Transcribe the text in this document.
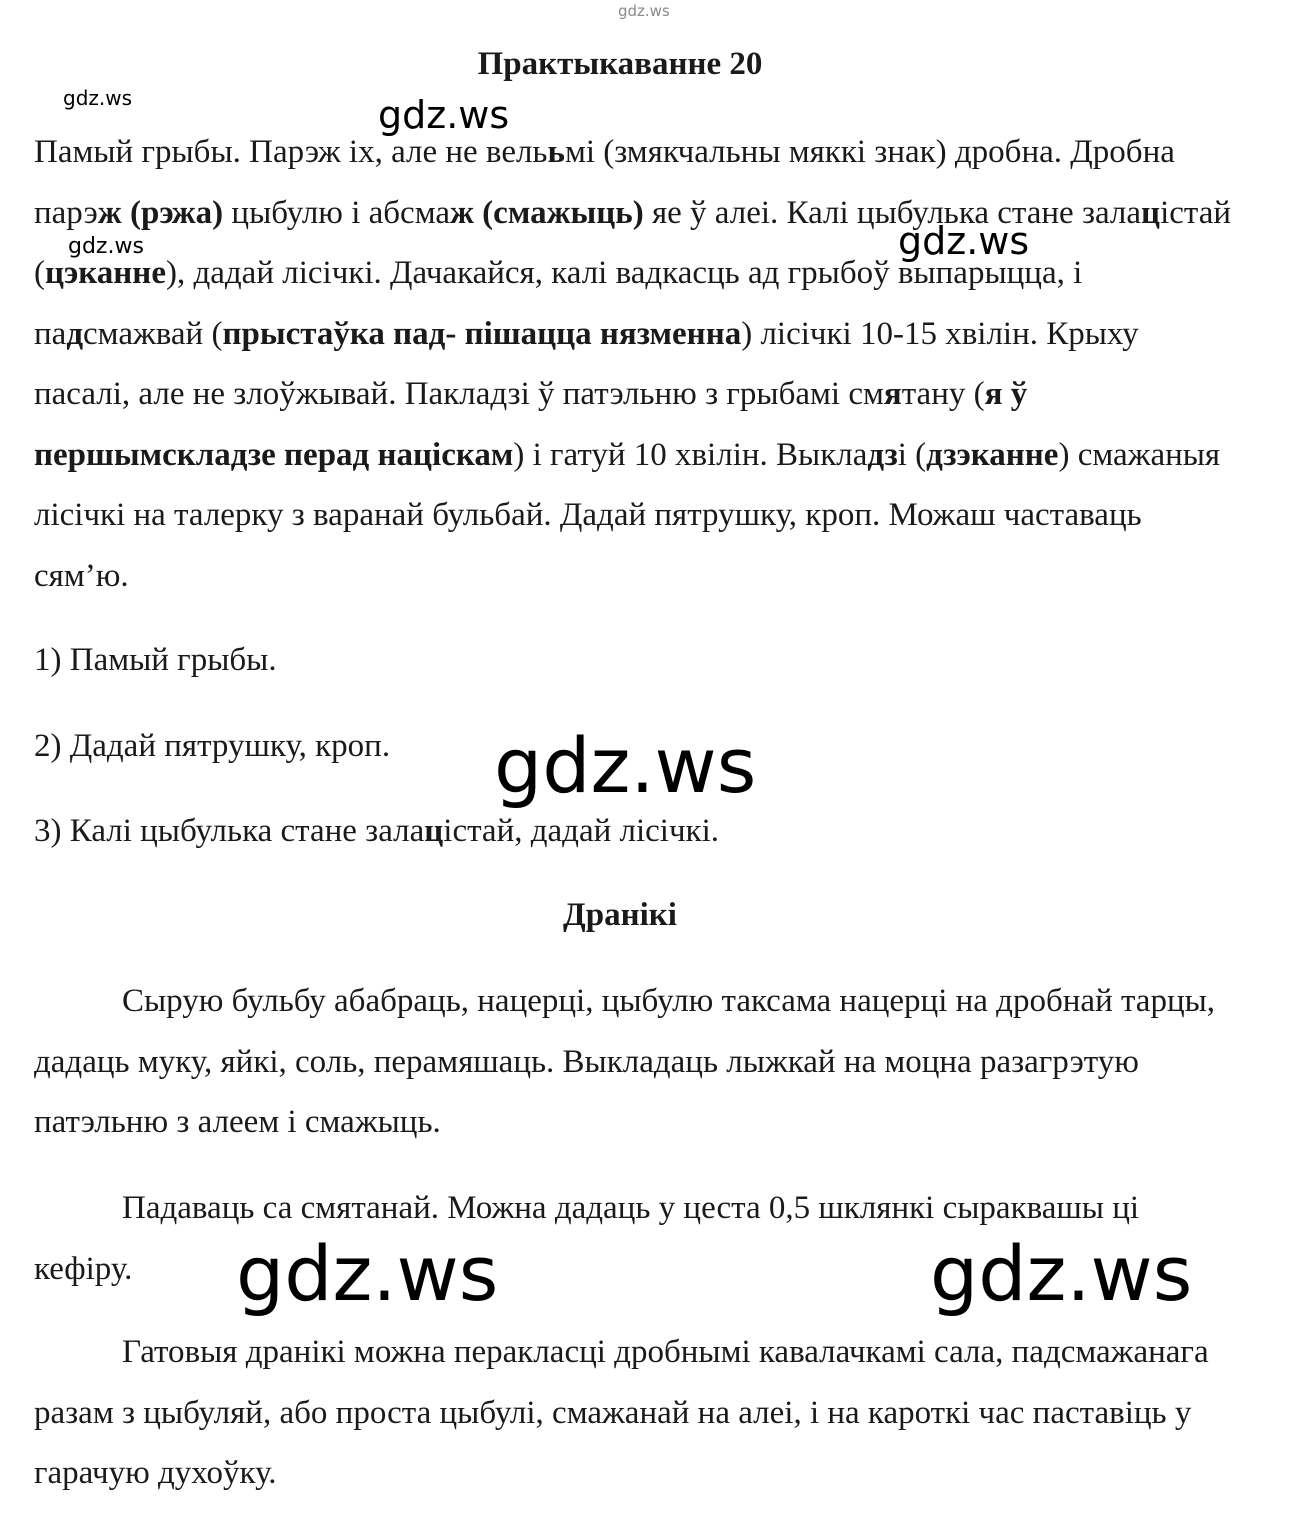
gdz.ws
gdz.ws	gdz.ws
gdz.ws	gdz.ws
Практыкаванне 20

Памый грыбы. Парэж іх, але не велььмі (змякчальны мяккі знак) дробна. Дробна парэж (рэжа) цыбулю і абсмаж (смажыць) яе ў алеі. Калі цыбулька стане залацістай (цэканне), дадай лісічкі. Дачакайся, калі вадкасць ад грыбоў выпарыцца, і падсмажвай (прыстаўка пад- пішацца нязменна) лісічкі 10-15 хвілін. Крыху пасалі, але не злоўжывай. Пакладзі ў патэльню з грыбамі смятану (я ў першымскладзе перад націскам) і гатуй 10 хвілін. Выкладзі (дзэканне) смажаныя лісічкі на талерку з варанай бульбай. Дадай пятрушку, кроп. Можаш частаваць сям’ю.

1) Памый грыбы.

2) Дадай пятрушку, кроп.

3) Калі цыбулька стане залацістай, дадай лісічкі.

gdz.ws
Дранікі

Сырую бульбу абабраць, нацерці, цыбулю таксама нацерці на дробнай тарцы, дадаць муку, яйкі, соль, перамяшаць. Выкладаць лыжкай на моцна разагрэтую патэльню з алеем і смажыць.

Падаваць са смятанай. Можна дадаць у цеста 0,5 шклянкі сыраквашы ці кефіру.	gdz.ws	gdz.ws

Гатовыя дранікі можна перакласці дробнымі кавалачкамі сала, падсмажанага разам з цыбуляй, або проста цыбулі, смажанай на алеі, і на кароткі час паставіць у гарачую духоўку.
